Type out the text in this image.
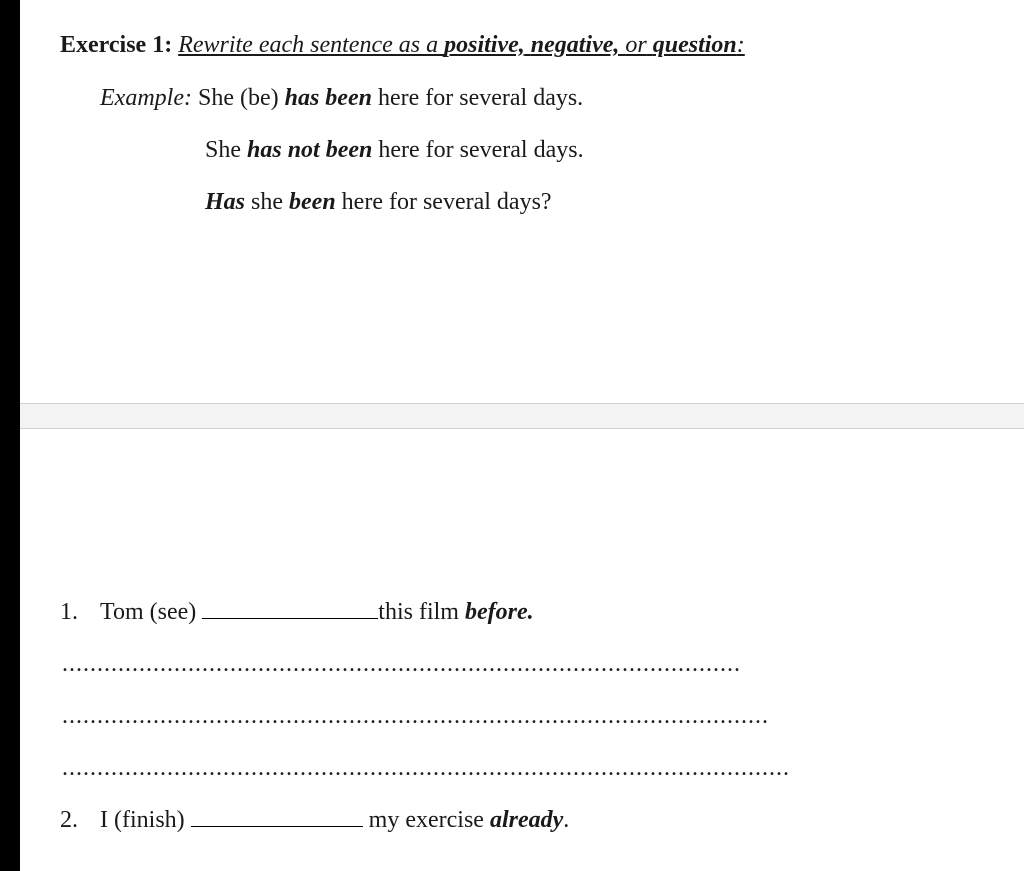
Exercise 1: Rewrite each sentence as a positive, negative, or question:
Example: She (be) has been here for several days.
She has not been here for several days.
Has she been here for several days?
1. Tom (see)	this film before.
.................................................................................................
.....................................................................................................
........................................................................................................
2. I (finish)	my exercise already.
